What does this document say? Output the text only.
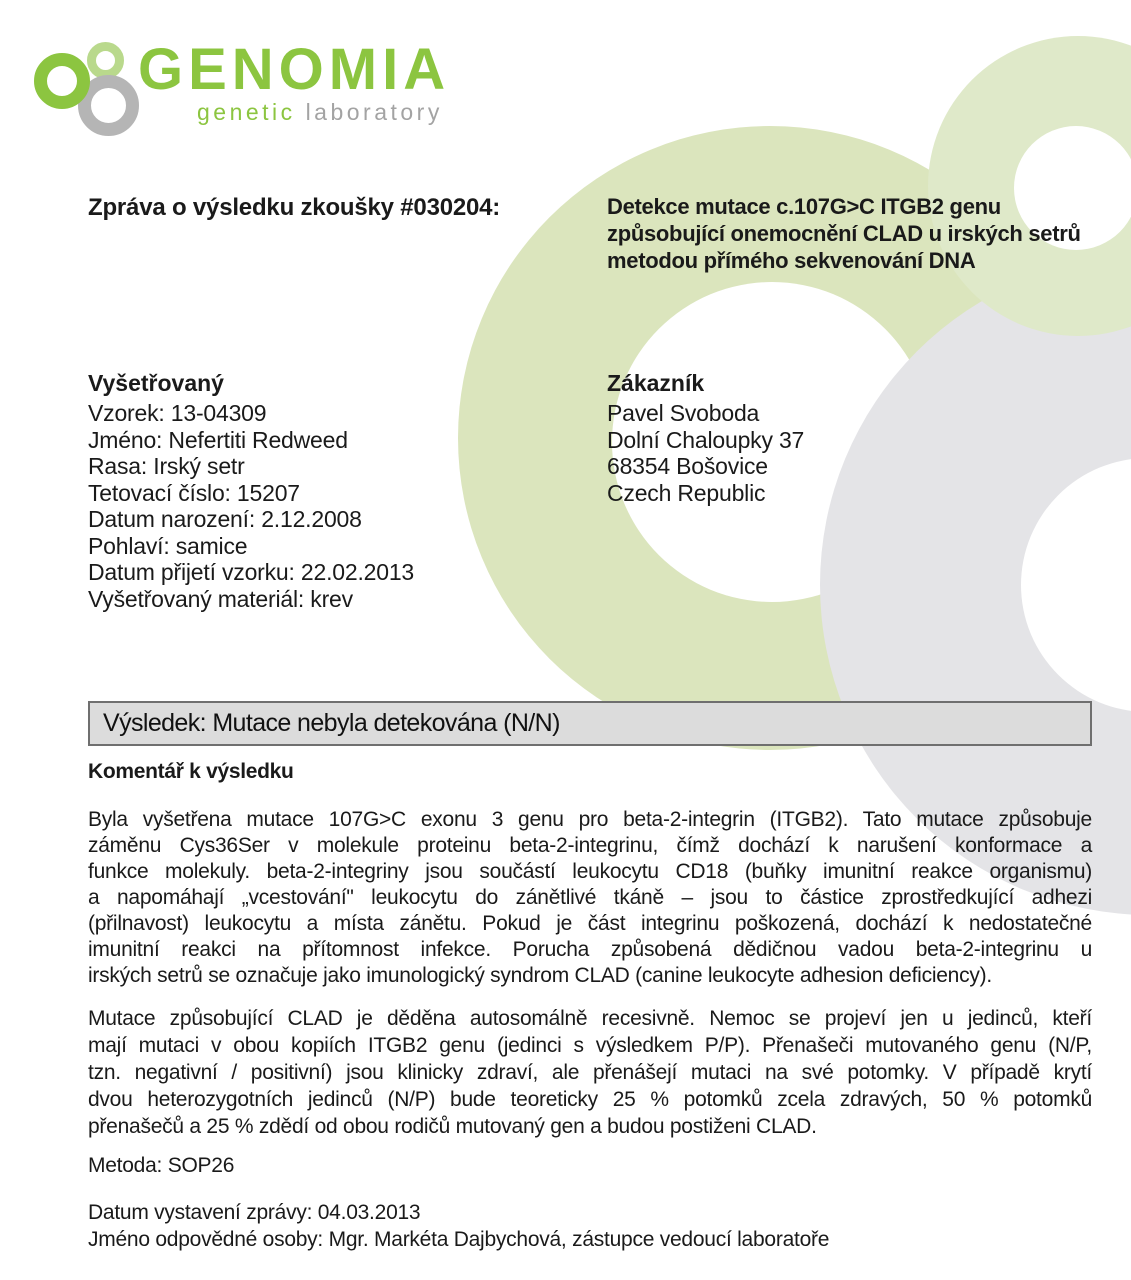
GENOMIA
genetic laboratory
Zpráva o výsledku zkoušky #030204:	Detekce mutace c.107G>C ITGB2 genu způsobující onemocnění CLAD u irských setrů metodou přímého sekvenování DNA
Vyšetřovaný
Vzorek: 13-04309
Jméno: Nefertiti Redweed
Rasa: Irský setr
Tetovací číslo: 15207
Datum narození: 2.12.2008
Pohlaví: samice
Datum přijetí vzorku: 22.02.2013
Vyšetřovaný materiál: krev
Zákazník
Pavel Svoboda
Dolní Chaloupky 37
68354 Bošovice
Czech Republic
Výsledek: Mutace nebyla detekována (N/N)
Komentář k výsledku
Byla vyšetřena mutace 107G>C exonu 3 genu pro beta-2-integrin (ITGB2). Tato mutace způsobuje
záměnu Cys36Ser v molekule proteinu beta-2-integrinu, čímž dochází k narušení konformace a
funkce molekuly. beta-2-integriny jsou součástí leukocytu CD18 (buňky imunitní reakce organismu)
a napomáhají „vcestování" leukocytu do zánětlivé tkáně – jsou to částice zprostředkující adhezi
(přilnavost) leukocytu a místa zánětu. Pokud je část integrinu poškozená, dochází k nedostatečné
imunitní reakci na přítomnost infekce. Porucha způsobená dědičnou vadou beta-2-integrinu u
irských setrů se označuje jako imunologický syndrom CLAD (canine leukocyte adhesion deficiency).
Mutace způsobující CLAD je děděna autosomálně recesivně. Nemoc se projeví jen u jedinců, kteří
mají mutaci v obou kopiích ITGB2 genu (jedinci s výsledkem P/P). Přenašeči mutovaného genu (N/P,
tzn. negativní / positivní) jsou klinicky zdraví, ale přenášejí mutaci na své potomky. V případě krytí
dvou heterozygotních jedinců (N/P) bude teoreticky 25 % potomků zcela zdravých, 50 % potomků
přenašečů a 25 % zdědí od obou rodičů mutovaný gen a budou postiženi CLAD.
Metoda: SOP26
Datum vystavení zprávy: 04.03.2013
Jméno odpovědné osoby: Mgr. Markéta Dajbychová, zástupce vedoucí laboratoře
